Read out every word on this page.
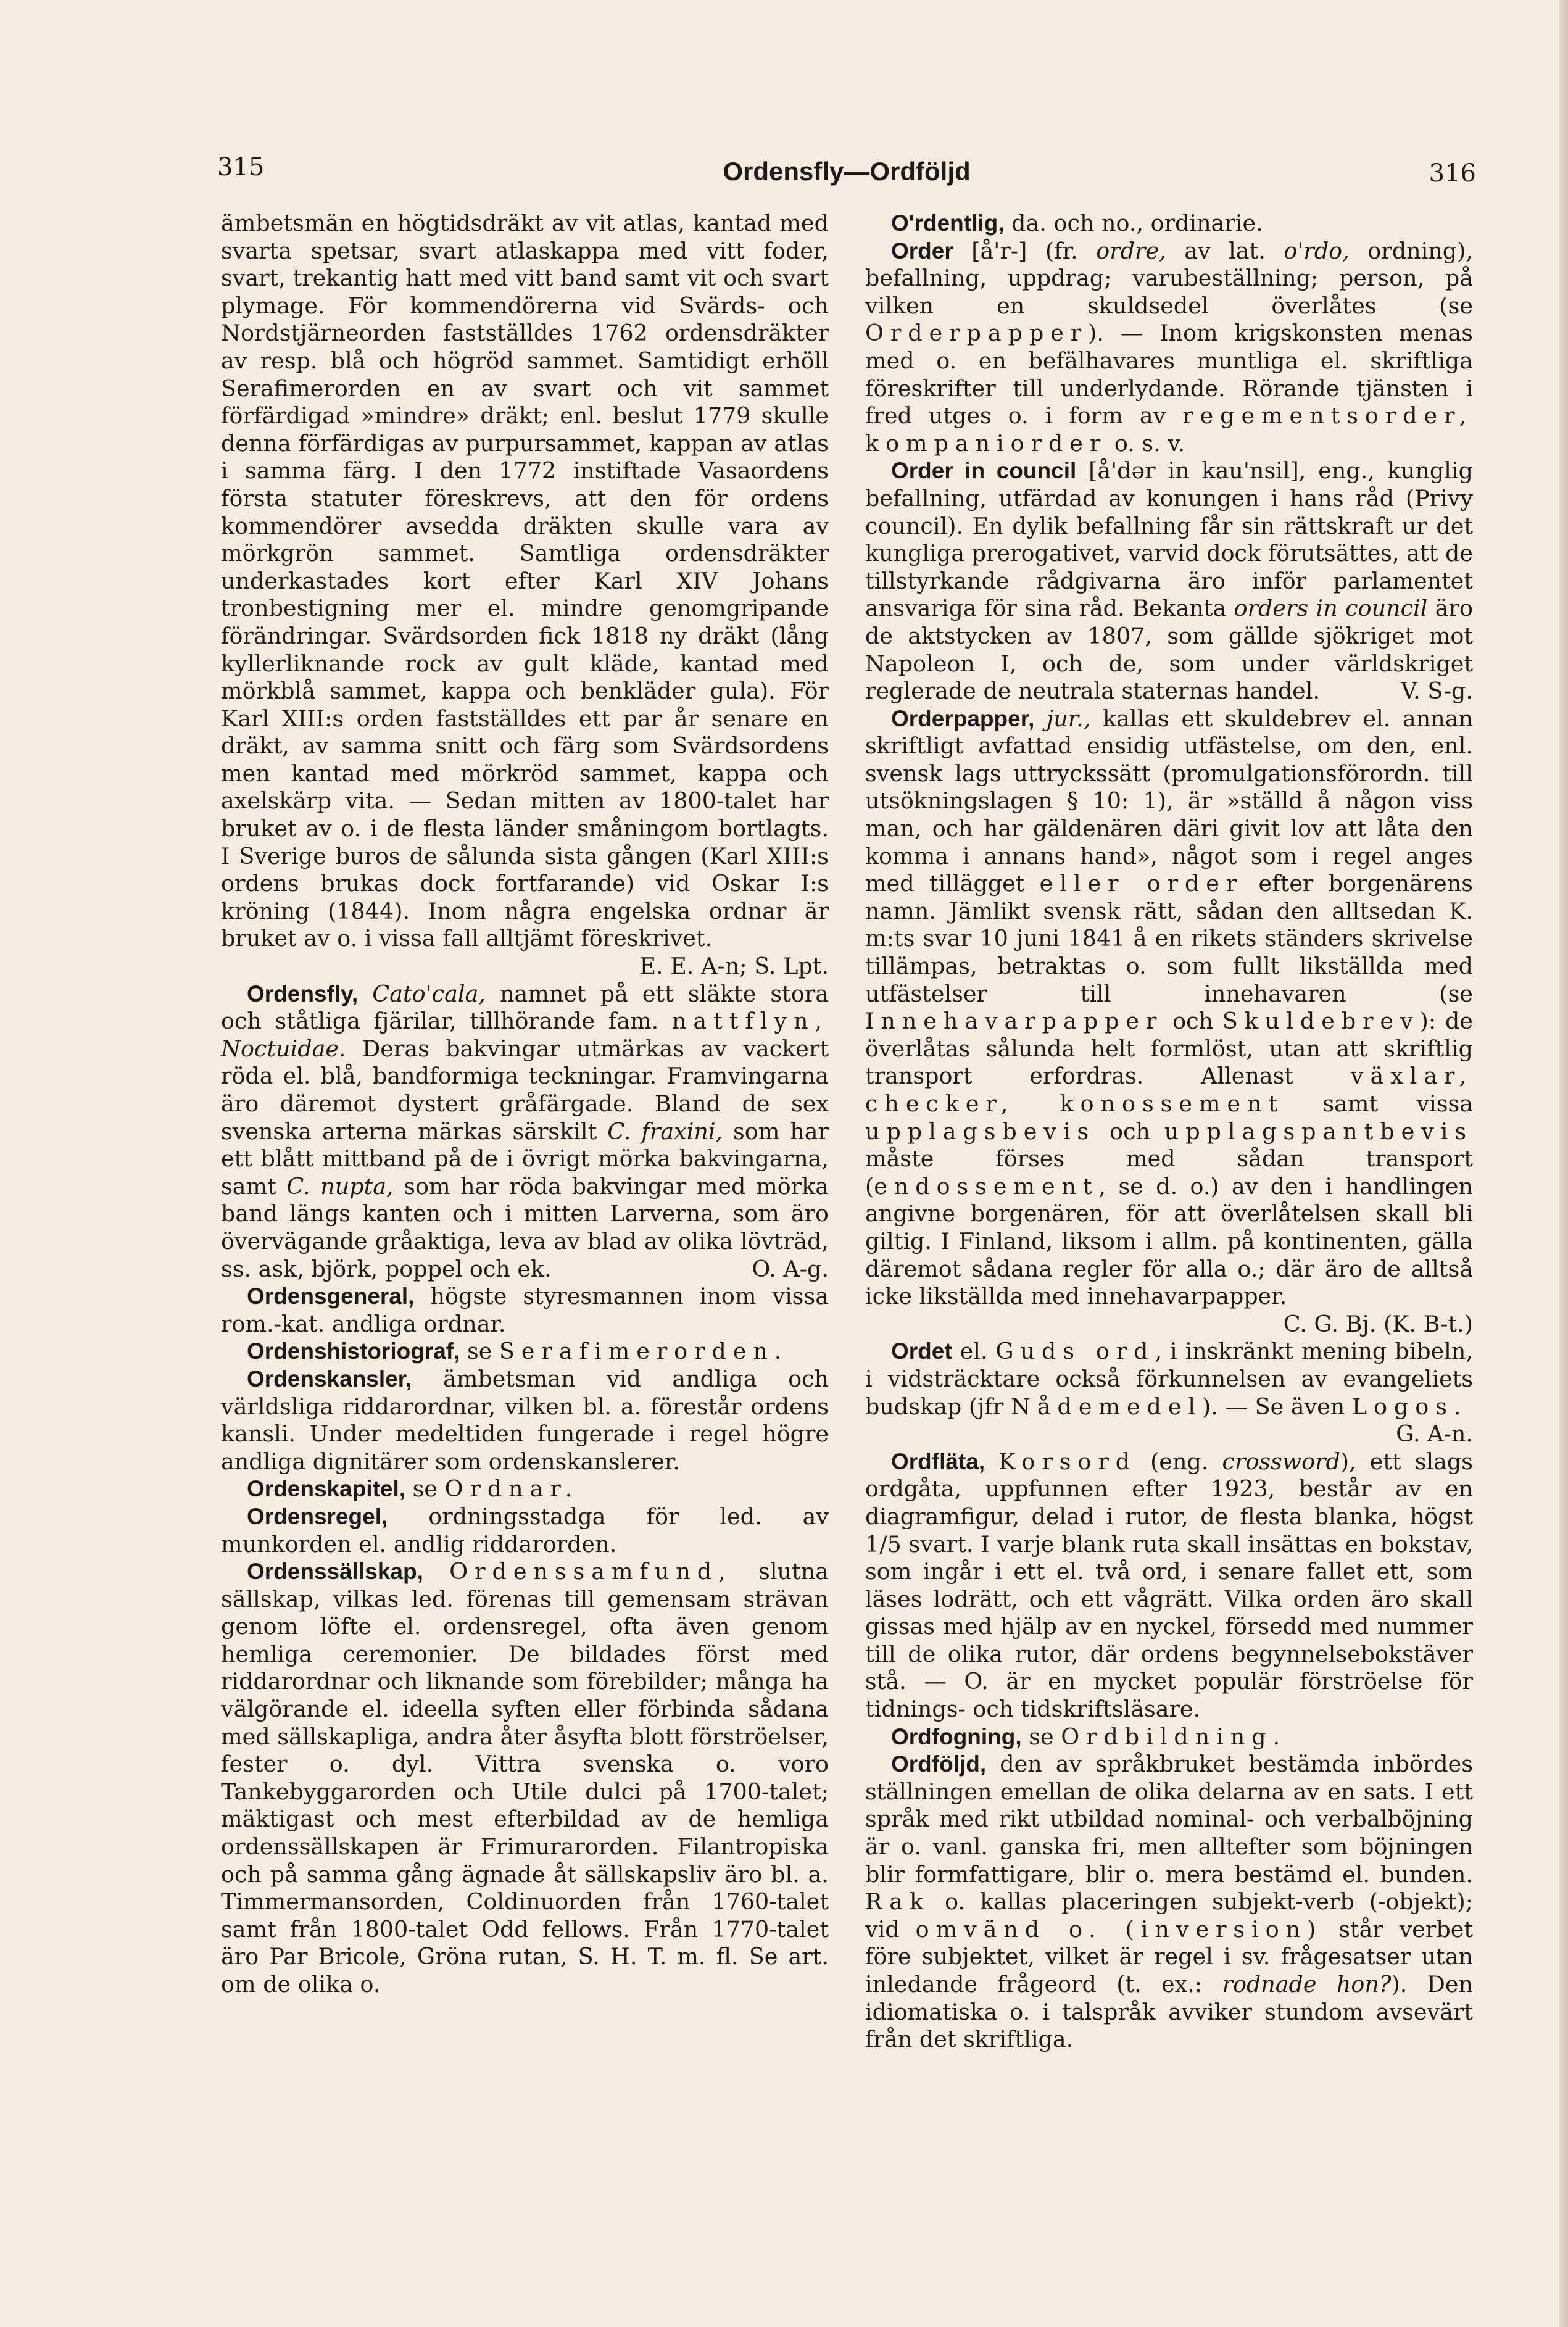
315	Ordensfly—Ordföljd	316

ämbetsmän en högtidsdräkt av vit atlas, kantad med svarta spetsar, svart atlaskappa med vitt foder, svart, trekantig hatt med vitt band samt vit och svart plymage. För kommendörerna vid Svärds- och Nordstjärneorden fastställdes 1762 ordensdräkter av resp. blå och högröd sammet. Samtidigt erhöll Serafimerorden en av svart och vit sammet förfärdigad »mindre» dräkt; enl. beslut 1779 skulle denna förfärdigas av purpursammet, kappan av atlas i samma färg. I den 1772 instiftade Vasaordens första statuter föreskrevs, att den för ordens kommendörer avsedda dräkten skulle vara av mörkgrön sammet. Samtliga ordensdräkter underkastades kort efter Karl XIV Johans tronbestigning mer el. mindre genomgripande förändringar. Svärdsorden fick 1818 ny dräkt (lång kyllerliknande rock av gult kläde, kantad med mörkblå sammet, kappa och benkläder gula). För Karl XIII:s orden fastställdes ett par år senare en dräkt, av samma snitt och färg som Svärdsordens men kantad med mörkröd sammet, kappa och axelskärp vita. — Sedan mitten av 1800-talet har bruket av o. i de flesta länder småningom bortlagts. I Sverige buros de sålunda sista gången (Karl XIII:s ordens brukas dock fortfarande) vid Oskar I:s kröning (1844). Inom några engelska ordnar är bruket av o. i vissa fall alltjämt föreskrivet.
E. E. A-n; S. Lpt.

Ordensfly, Cato'cala, namnet på ett släkte stora och ståtliga fjärilar, tillhörande fam. nattflyn, Noctuidae. Deras bakvingar utmärkas av vackert röda el. blå, bandformiga teckningar. Framvingarna äro däremot dystert gråfärgade. Bland de sex svenska arterna märkas särskilt C. fraxini, som har ett blått mittband på de i övrigt mörka bakvingarna, samt C. nupta, som har röda bakvingar med mörka band längs kanten och i mitten Larverna, som äro övervägande gråaktiga, leva av blad av olika lövträd, ss. ask, björk, poppel och ek.	O. A-g.

Ordensgeneral, högste styresmannen inom vissa rom.-kat. andliga ordnar.

Ordenshistoriograf, se Serafimerorden.

Ordenskansler, ämbetsman vid andliga och världsliga riddarordnar, vilken bl. a. förestår ordens kansli. Under medeltiden fungerade i regel högre andliga dignitärer som ordenskanslerer.

Ordenskapitel, se Ordnar.

Ordensregel, ordningsstadga för led. av munkorden el. andlig riddarorden.

Ordenssällskap, Ordenssamfund, slutna sällskap, vilkas led. förenas till gemensam strävan genom löfte el. ordensregel, ofta även genom hemliga ceremonier. De bildades först med riddarordnar och liknande som förebilder; många ha välgörande el. ideella syften eller förbinda sådana med sällskapliga, andra åter åsyfta blott förströelser, fester o. dyl. Vittra svenska o. voro Tankebyggarorden och Utile dulci på 1700-talet; mäktigast och mest efterbildad av de hemliga ordenssällskapen är Frimurarorden. Filantropiska och på samma gång ägnade åt sällskapsliv äro bl. a. Timmermansorden, Coldinuorden från 1760-talet samt från 1800-talet Odd fellows. Från 1770-talet äro Par Bricole, Gröna rutan, S. H. T. m. fl. Se art. om de olika o.

O'rdentlig, da. och no., ordinarie.

Order [å'r-] (fr. ordre, av lat. o'rdo, ordning), befallning, uppdrag; varubeställning; person, på vilken en skuldsedel överlåtes (se Orderpapper). — Inom krigskonsten menas med o. en befälhavares muntliga el. skriftliga föreskrifter till underlydande. Rörande tjänsten i fred utges o. i form av regementsorder, kompaniorder o. s. v.

Order in council [å'dər in kau'nsil], eng., kunglig befallning, utfärdad av konungen i hans råd (Privy council). En dylik befallning får sin rättskraft ur det kungliga prerogativet, varvid dock förutsättes, att de tillstyrkande rådgivarna äro inför parlamentet ansvariga för sina råd. Bekanta orders in council äro de aktstycken av 1807, som gällde sjökriget mot Napoleon I, och de, som under världskriget reglerade de neutrala staternas handel.	V. S-g.

Orderpapper, jur., kallas ett skuldebrev el. annan skriftligt avfattad ensidig utfästelse, om den, enl. svensk lags uttryckssätt (promulgationsförordn. till utsökningslagen § 10: 1), är »ställd å någon viss man, och har gäldenären däri givit lov att låta den komma i annans hand», något som i regel anges med tillägget eller order efter borgenärens namn. Jämlikt svensk rätt, sådan den alltsedan K. m:ts svar 10 juni 1841 å en rikets ständers skrivelse tillämpas, betraktas o. som fullt likställda med utfästelser till innehavaren (se Innehavarpapper och Skuldebrev): de överlåtas sålunda helt formlöst, utan att skriftlig transport erfordras. Allenast växlar, checker, konossement samt vissa upplagsbevis och upplagspantbevis måste förses med sådan transport (endossement, se d. o.) av den i handlingen angivne borgenären, för att överlåtelsen skall bli giltig. I Finland, liksom i allm. på kontinenten, gälla däremot sådana regler för alla o.; där äro de alltså icke likställda med innehavarpapper.
C. G. Bj. (K. B-t.)

Ordet el. Guds ord, i inskränkt mening bibeln, i vidsträcktare också förkunnelsen av evangeliets budskap (jfr Nådemedel). — Se även Logos.
G. A-n.

Ordfläta, Korsord (eng. crossword), ett slags ordgåta, uppfunnen efter 1923, består av en diagramfigur, delad i rutor, de flesta blanka, högst 1/5 svart. I varje blank ruta skall insättas en bokstav, som ingår i ett el. två ord, i senare fallet ett, som läses lodrätt, och ett vågrätt. Vilka orden äro skall gissas med hjälp av en nyckel, försedd med nummer till de olika rutor, där ordens begynnelsebokstäver stå. — O. är en mycket populär förströelse för tidnings- och tidskriftsläsare.

Ordfogning, se Ordbildning.

Ordföljd, den av språkbruket bestämda inbördes ställningen emellan de olika delarna av en sats. I ett språk med rikt utbildad nominal- och verbalböjning är o. vanl. ganska fri, men alltefter som böjningen blir formfattigare, blir o. mera bestämd el. bunden. Rak o. kallas placeringen subjekt-verb (-objekt); vid omvänd o. (inversion) står verbet före subjektet, vilket är regel i sv. frågesatser utan inledande frågeord (t. ex.: rodnade hon?). Den idiomatiska o. i talspråk avviker stundom avsevärt från det skriftliga.
